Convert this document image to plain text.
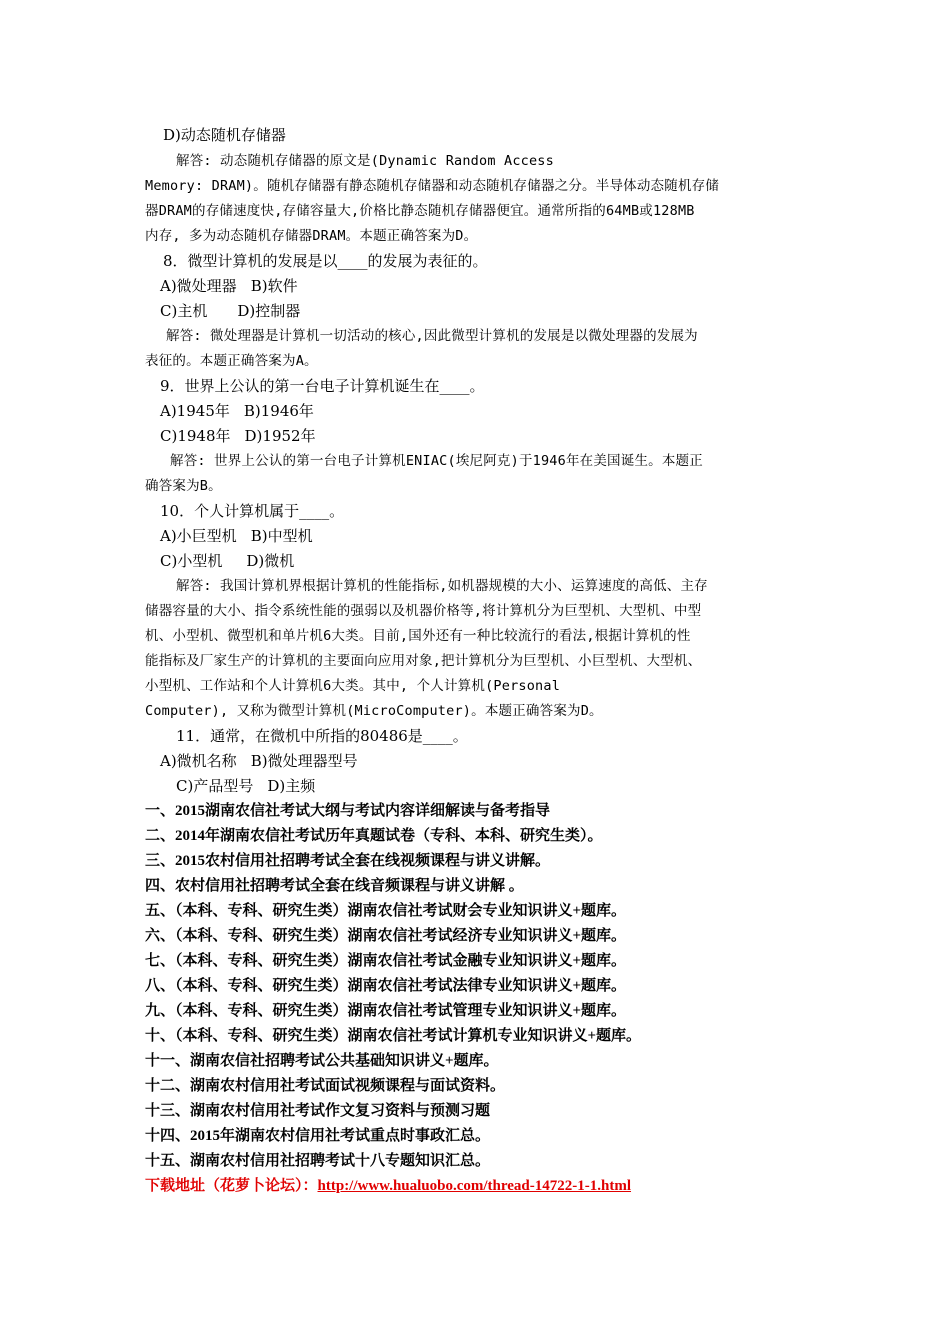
D)动态随机存储器
解答: 动态随机存储器的原文是(Dynamic Random Access
Memory: DRAM)。随机存储器有静态随机存储器和动态随机存储器之分。半导体动态随机存储
器DRAM的存储速度快,存储容量大,价格比静态随机存储器便宜。通常所指的64MB或128MB
内存, 多为动态随机存储器DRAM。本题正确答案为D。
8．微型计算机的发展是以____的发展为表征的。
A)微处理器 B)软件
C)主机 D)控制器
解答: 微处理器是计算机一切活动的核心,因此微型计算机的发展是以微处理器的发展为
表征的。本题正确答案为A。
9．世界上公认的第一台电子计算机诞生在____。
A)1945年 B)1946年
C)1948年 D)1952年
解答: 世界上公认的第一台电子计算机ENIAC(埃尼阿克)于1946年在美国诞生。本题正
确答案为B。
10．个人计算机属于____。
A)小巨型机 B)中型机
C)小型机 D)微机
解答: 我国计算机界根据计算机的性能指标,如机器规模的大小、运算速度的高低、主存
储器容量的大小、指令系统性能的强弱以及机器价格等,将计算机分为巨型机、大型机、中型
机、小型机、微型机和单片机6大类。目前,国外还有一种比较流行的看法,根据计算机的性
能指标及厂家生产的计算机的主要面向应用对象,把计算机分为巨型机、小巨型机、大型机、
小型机、工作站和个人计算机6大类。其中, 个人计算机(Personal
Computer), 又称为微型计算机(MicroComputer)。本题正确答案为D。
11．通常，在微机中所指的80486是____。
A)微机名称 B)微处理器型号
C)产品型号 D)主频
一、2015湖南农信社考试大纲与考试内容详细解读与备考指导
二、2014年湖南农信社考试历年真题试卷（专科、本科、研究生类）。
三、2015农村信用社招聘考试全套在线视频课程与讲义讲解。
四、农村信用社招聘考试全套在线音频课程与讲义讲解 。
五、（本科、专科、研究生类）湖南农信社考试财会专业知识讲义+题库。
六、（本科、专科、研究生类）湖南农信社考试经济专业知识讲义+题库。
七、（本科、专科、研究生类）湖南农信社考试金融专业知识讲义+题库。
八、（本科、专科、研究生类）湖南农信社考试法律专业知识讲义+题库。
九、（本科、专科、研究生类）湖南农信社考试管理专业知识讲义+题库。
十、（本科、专科、研究生类）湖南农信社考试计算机专业知识讲义+题库。
十一、湖南农信社招聘考试公共基础知识讲义+题库。
十二、湖南农村信用社考试面试视频课程与面试资料。
十三、湖南农村信用社考试作文复习资料与预测习题
十四、2015年湖南农村信用社考试重点时事政汇总。
十五、湖南农村信用社招聘考试十八专题知识汇总。
下载地址（花萝卜论坛）：http://www.hualuobo.com/thread-14722-1-1.html
